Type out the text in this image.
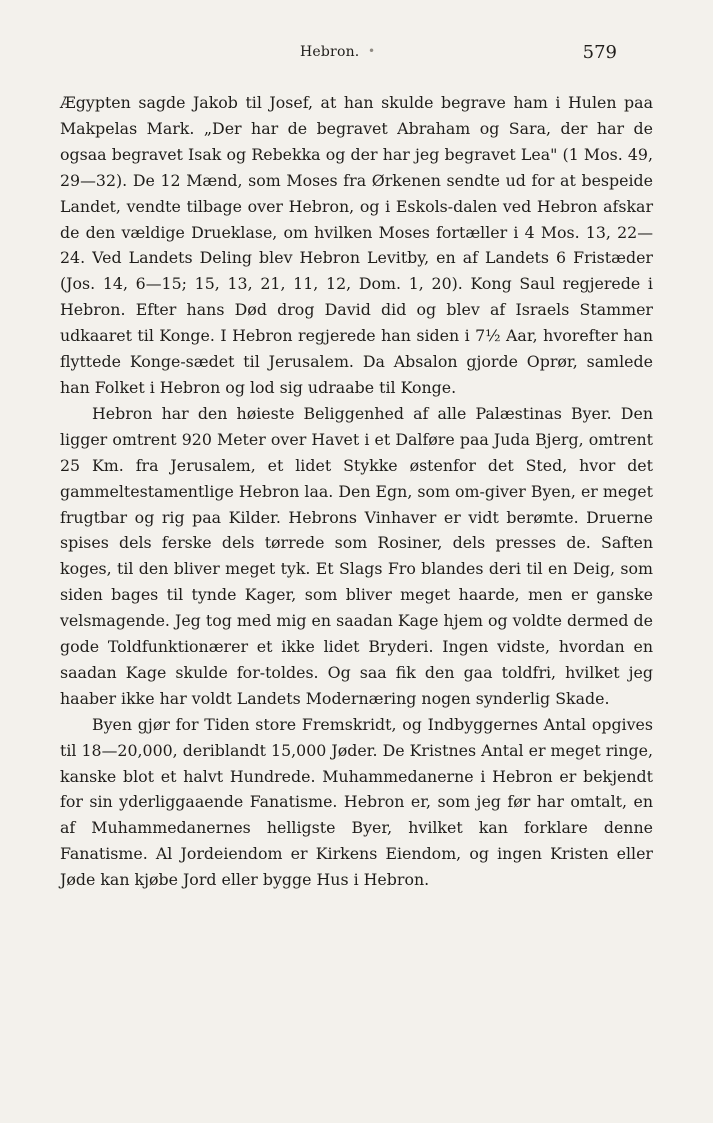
Hebron. •	579

Ægypten sagde Jakob til Josef, at han skulde begrave ham i Hulen paa Makpelas Mark. „Der har de begravet Abraham og Sara, der har de ogsaa begravet Isak og Rebekka og der har jeg begravet Lea" (1 Mos. 49, 29—32). De 12 Mænd, som Moses fra Ørkenen sendte ud for at bespeide Landet, vendte tilbage over Hebron, og i Eskols-dalen ved Hebron afskar de den vældige Drueklase, om hvilken Moses fortæller i 4 Mos. 13, 22—24. Ved Landets Deling blev Hebron Levitby, en af Landets 6 Fristæder (Jos. 14, 6—15; 15, 13, 21, 11, 12, Dom. 1, 20). Kong Saul regjerede i Hebron. Efter hans Død drog David did og blev af Israels Stammer udkaaret til Konge. I Hebron regjerede han siden i 7½ Aar, hvorefter han flyttede Konge-sædet til Jerusalem. Da Absalon gjorde Oprør, samlede han Folket i Hebron og lod sig udraabe til Konge.

Hebron har den høieste Beliggenhed af alle Palæstinas Byer. Den ligger omtrent 920 Meter over Havet i et Dalføre paa Juda Bjerg, omtrent 25 Km. fra Jerusalem, et lidet Stykke østenfor det Sted, hvor det gammeltestamentlige Hebron laa. Den Egn, som om-giver Byen, er meget frugtbar og rig paa Kilder. Hebrons Vinhaver er vidt berømte. Druerne spises dels ferske dels tørrede som Rosiner, dels presses de. Saften koges, til den bliver meget tyk. Et Slags Fro blandes deri til en Deig, som siden bages til tynde Kager, som bliver meget haarde, men er ganske velsmagende. Jeg tog med mig en saadan Kage hjem og voldte dermed de gode Toldfunktionærer et ikke lidet Bryderi. Ingen vidste, hvordan en saadan Kage skulde for-toldes. Og saa fik den gaa toldfri, hvilket jeg haaber ikke har voldt Landets Modernæring nogen synderlig Skade.

Byen gjør for Tiden store Fremskridt, og Indbyggernes Antal opgives til 18—20,000, deriblandt 15,000 Jøder. De Kristnes Antal er meget ringe, kanske blot et halvt Hundrede. Muhammedanerne i Hebron er bekjendt for sin yderliggaaende Fanatisme. Hebron er, som jeg før har omtalt, en af Muhammedanernes helligste Byer, hvilket kan forklare denne Fanatisme. Al Jordeiendom er Kirkens Eiendom, og ingen Kristen eller Jøde kan kjøbe Jord eller bygge Hus i Hebron.
